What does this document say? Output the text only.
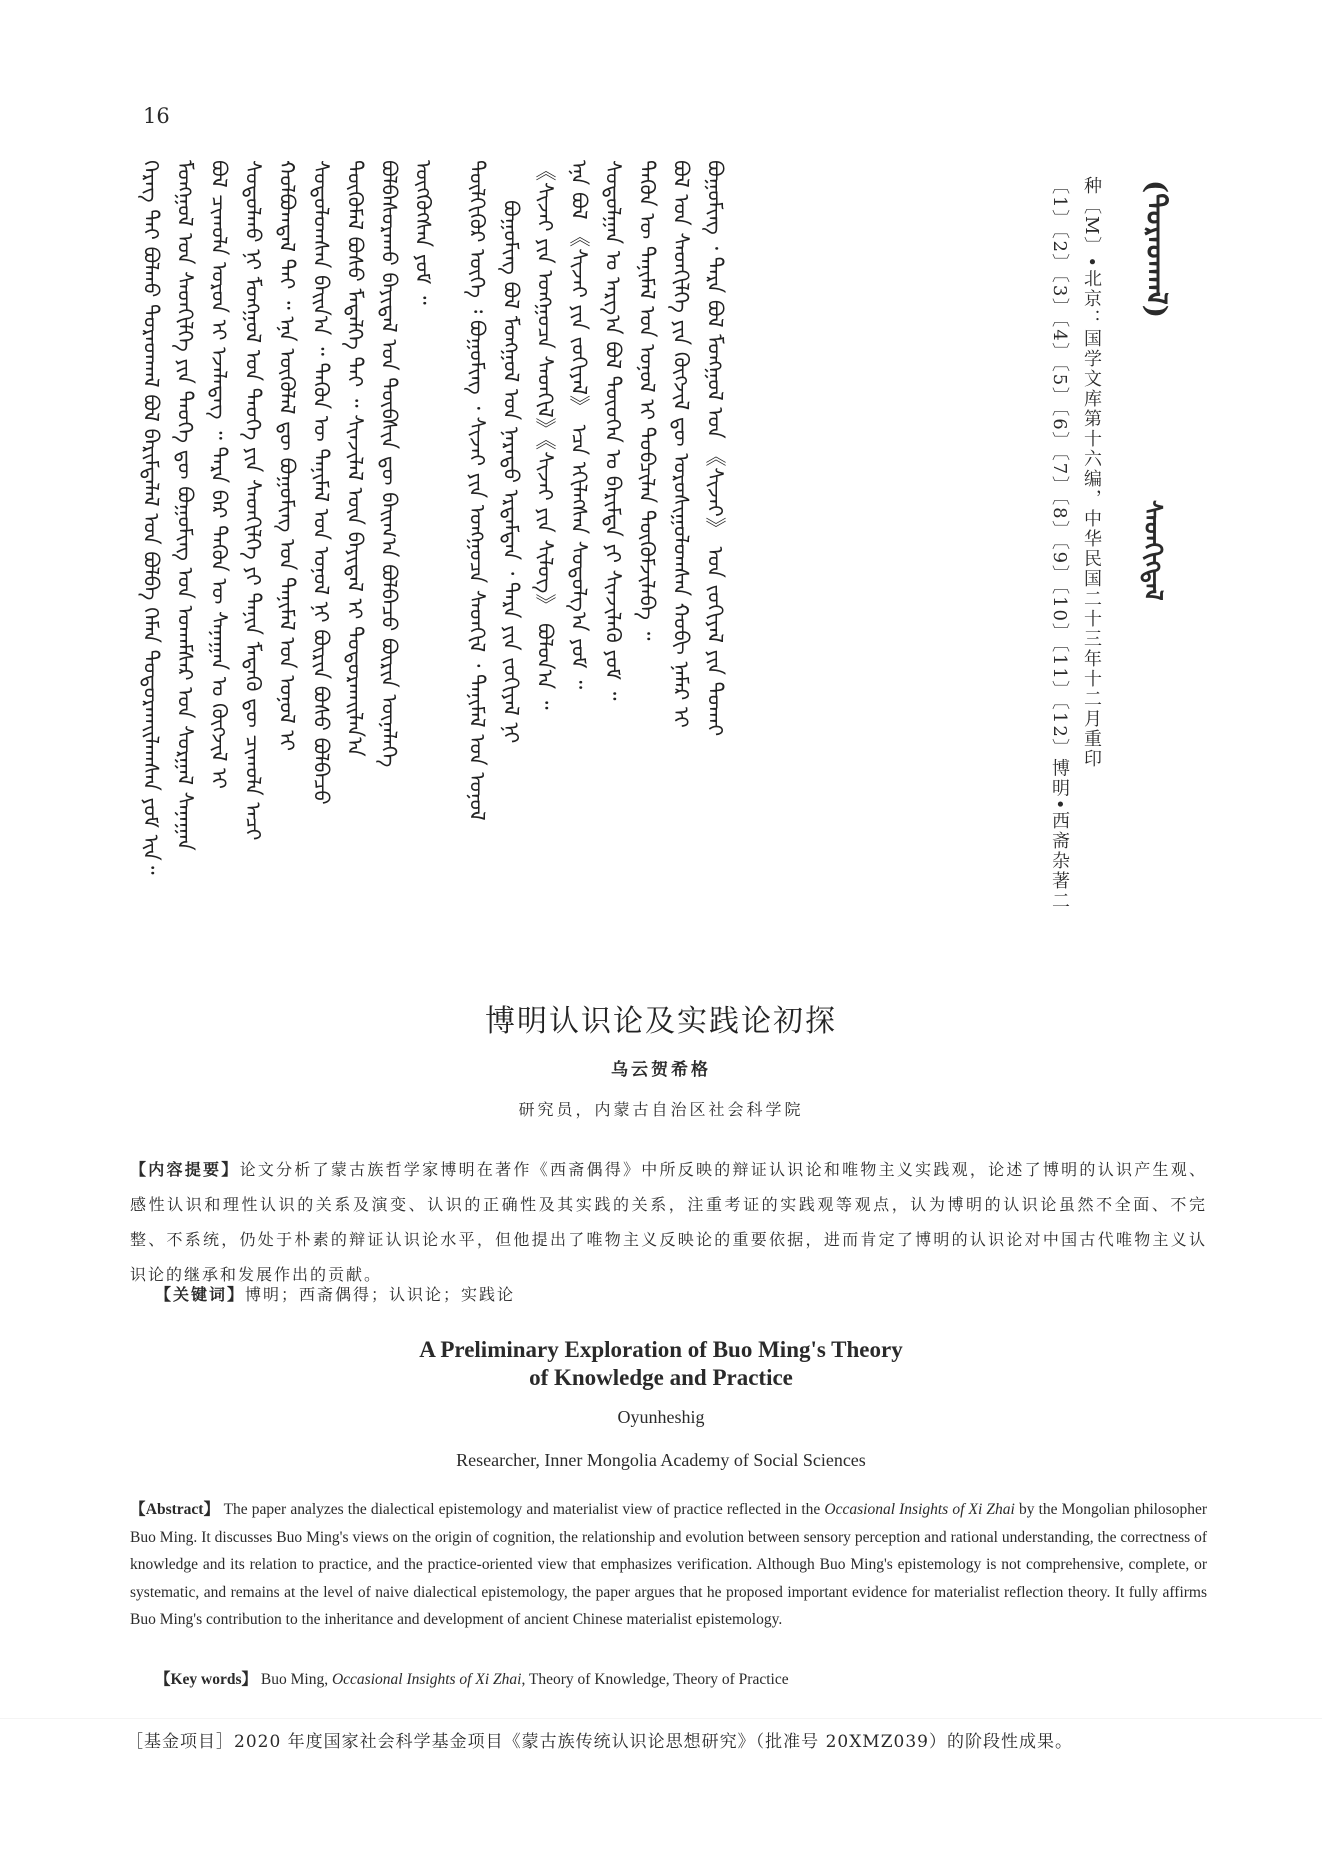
16
ᠬᠡᠷᠡᠭ ᠲᠠᠢ ᠪᠣᠯᠬᠤ ᠳᠤᠷᠠᠳᠬᠠᠯ ᠪᠣᠯ ᠪᠠᠷᠢᠮᠲᠠᠯᠠᠯ ᠤᠨ ᠪᠣᠯᠪᠠ ᠬᠡᠮᠡᠨ ᠲᠣᠳᠣᠷᠬᠠᠢᠯᠠᠭᠰᠠᠨ ᠶᠤᠮ ᠢᠨ᠃ ᠮᠣᠩᠭᠣᠯ ᠤᠨ ᠰᠡᠳᠬᠢᠯᠭᠡ ᠶᠢᠨ ᠲᠡᠦᠬᠡ ᠳᠦ ᠪᠣᠭᠣᠮᠢᠩ ᠤᠨ ᠤᠬᠠᠮᠰᠠᠷ ᠤᠨ ᠰᠤᠷᠭᠠᠯ ᠰᠠᠨᠠᠭᠠᠨ ᠪᠣᠯ ᠴᠢᠬᠤᠯᠠ ᠣᠷᠣᠨ ᠢ ᠡᠵᠡᠯᠡᠳᠡᠭ ᠃ ᠲᠡᠷᠡ ᠪᠡᠷ ᠲᠡᠭᠦᠨ ᠦ ᠰᠠᠨᠠᠭᠠᠨ ᠤ ᠬᠥᠭᠵᠢᠯ ᠢ ᠰᠤᠳᠤᠯᠬᠤ ᠨᠢ ᠮᠣᠩᠭᠣᠯ ᠤᠨ ᠲᠡᠦᠬᠡ ᠶᠢᠨ ᠰᠡᠳᠬᠢᠯᠭᠡ ᠶᠢ ᠲᠠᠨᠢᠨ ᠮᠡᠳᠡᠬᠦ ᠳᠦ ᠴᠢᠬᠤᠯᠠ ᠠᠴᠢ ᠬᠣᠯᠪᠣᠭᠳᠠᠯ ᠲᠠᠢ ᠃ ᠡᠨᠡ ᠦᠭᠦᠯᠡᠯ ᠳᠦ ᠪᠣᠭᠣᠮᠢᠩ ᠤᠨ ᠲᠠᠨᠢᠮᠡᠯ ᠤᠨ ᠣᠨᠣᠯ ᠢ ᠰᠤᠳᠤᠯᠤᠭᠰᠠᠨ ᠪᠠᠢᠨ᠎ᠠ ᠃ ᠲᠡᠭᠦᠨ ᠦ ᠲᠠᠨᠢᠮᠡᠯ ᠤᠨ ᠣᠨᠣᠯ ᠨᠢ ᠪᠦᠷᠢᠨ ᠪᠤᠰᠤ ᠪᠣᠯᠪᠠᠴᠤ ᠲᠦᠭᠦᠮᠡᠯ ᠪᠤᠰᠤ ᠮᠡᠳᠡᠯᠭᠡ ᠲᠠᠢ ᠃ ᠰᠢᠨᠵᠢᠯᠡᠯ ᠦᠨ ᠪᠠᠶᠢᠳᠠᠯ ᠢ ᠲᠣᠳᠣᠷᠬᠠᠢᠯᠠᠨ᠎ᠠ ᠪᠣᠯᠪᠠᠰᠤᠷᠠᠬᠤ ᠪᠠᠶᠢᠳᠠᠯ ᠤᠨ ᠲᠦᠪᠰᠢᠨ ᠳᠦ ᠪᠠᠢᠭ᠎ᠠ ᠪᠣᠯᠪᠠᠴᠤ ᠪᠦᠷᠢᠨ ᠦᠨᠡᠯᠡᠭᠡ ᠥᠭᠭᠦᠭᠰᠡᠨ ᠶᠤᠮ ᠃	ᠲᠦᠯᠬᠢᠭᠦᠷ ᠦᠭᠡ ᠄ ᠪᠣᠭᠣᠮᠢᠩ ᠂ ᠰᠢᠵᠠᠢ ᠶᠢᠨ ᠣᠩᠭᠣᠴᠠ ᠰᠡᠳᠬᠢᠯ ᠂ ᠲᠠᠨᠢᠮᠡᠯ ᠤᠨ ᠣᠨᠣᠯ ᠪᠣᠭᠣᠮᠢᠩ ᠪᠣᠯ ᠮᠣᠩᠭᠣᠯ ᠤᠨ ᠨᠡᠷᠡᠲᠦ ᠡᠷᠳᠡᠮᠲᠡᠨ ᠂ ᠲᠡᠷᠡ ᠶᠢᠨ ᠵᠣᠬᠢᠶᠠᠯ ᠨᠢ 《ᠰᠢᠵᠠᠢ ᠶᠢᠨ ᠣᠩᠭᠣᠴᠠ ᠰᠡᠳᠬᠢᠯ》《ᠰᠢᠵᠠᠢ ᠶᠢᠨ ᠰᠢᠯᠦᠭ》 ᠪᠣᠯᠤᠨ᠎ᠠ ᠃ ᠡᠨᠡ ᠪᠣᠯ 《ᠰᠢᠵᠠᠢ ᠶᠢᠨ ᠵᠣᠬᠢᠶᠠᠯ》 ᠡᠴᠡ ᠡᠬᠢᠯᠡᠭᠰᠡᠨ ᠰᠤᠳᠤᠯᠭ᠎ᠠ ᠶᠤᠮ ᠃ ᠰᠤᠳᠤᠯᠭᠠᠨ ᠤ ᠠᠷᠭ᠎ᠠ ᠪᠣᠯ ᠲᠦᠦᠬᠡᠨ ᠤ ᠪᠠᠷᠢᠮᠲᠠ ᠶᠢ ᠰᠢᠨᠵᠢᠯᠡᠬᠦ ᠶᠤᠮ ᠃ ᠲᠡᠭᠦᠨ ᠦ ᠲᠠᠨᠢᠮᠡᠯ ᠤᠨ ᠣᠨᠣᠯ ᠢ ᠲᠣᠪᠴᠢᠯᠠᠨ ᠳᠦᠭᠦᠮᠵᠢᠯᠡᠪᠡ ᠃ ᠪᠣᠯ ᠤᠨ ᠰᠡᠳᠬᠢᠯᠭᠡ ᠶᠢᠨ ᠬᠥᠭᠵᠢᠯ ᠳᠦ ᠣᠷᠣᠰᠢᠭᠤᠯᠤᠭᠰᠠᠨ ᠬᠤᠪᠢ ᠨᠡᠮᠡᠷ ᠢ ᠪᠣᠭᠣᠮᠢᠩ ᠂ ᠲᠡᠷᠡ ᠪᠣᠯ ᠮᠣᠩᠭᠣᠯ ᠤᠨ 《ᠰᠢᠵᠠᠢ》 ᠤᠨ ᠵᠣᠬᠢᠶᠠᠯ ᠶᠢᠨ ᠲᠤᠬᠠᠢ	(ᠳᠤᠷᠠᠳᠬᠠᠯ)
ᠰᠡᠳᠬᠢᠭᠳᠡᠯ
种〔M〕•北京：国学文库第十六编，中华民国二十三年十二月重印
〔1〕〔2〕〔3〕〔4〕〔5〕〔6〕〔7〕〔8〕〔9〕〔10〕〔11〕〔12〕博明•西斋杂著二
博明认识论及实践论初探
乌云贺希格
研究员，内蒙古自治区社会科学院
【内容提要】论文分析了蒙古族哲学家博明在著作《西斋偶得》中所反映的辩证认识论和唯物主义实践观，论述了博明的认识产生观、感性认识和理性认识的关系及演变、认识的正确性及其实践的关系，注重考证的实践观等观点，认为博明的认识论虽然不全面、不完整、不系统，仍处于朴素的辩证认识论水平，但他提出了唯物主义反映论的重要依据，进而肯定了博明的认识论对中国古代唯物主义认识论的继承和发展作出的贡献。
【关键词】博明；西斋偶得；认识论；实践论
A Preliminary Exploration of Buo Ming's Theory
of Knowledge and Practice
Oyunheshig
Researcher, Inner Mongolia Academy of Social Sciences
【Abstract】 The paper analyzes the dialectical epistemology and materialist view of practice reflected in the Occasional Insights of Xi Zhai by the Mongolian philosopher Buo Ming. It discusses Buo Ming's views on the origin of cognition, the relationship and evolution between sensory perception and rational understanding, the correctness of knowledge and its relation to practice, and the practice-oriented view that emphasizes verification. Although Buo Ming's epistemology is not comprehensive, complete, or systematic, and remains at the level of naive dialectical epistemology, the paper argues that he proposed important evidence for materialist reflection theory. It fully affirms Buo Ming's contribution to the inheritance and development of ancient Chinese materialist epistemology.
【Key words】 Buo Ming, Occasional Insights of Xi Zhai, Theory of Knowledge, Theory of Practice
［基金项目］2020 年度国家社会科学基金项目《蒙古族传统认识论思想研究》（批准号 20XMZ039）的阶段性成果。
